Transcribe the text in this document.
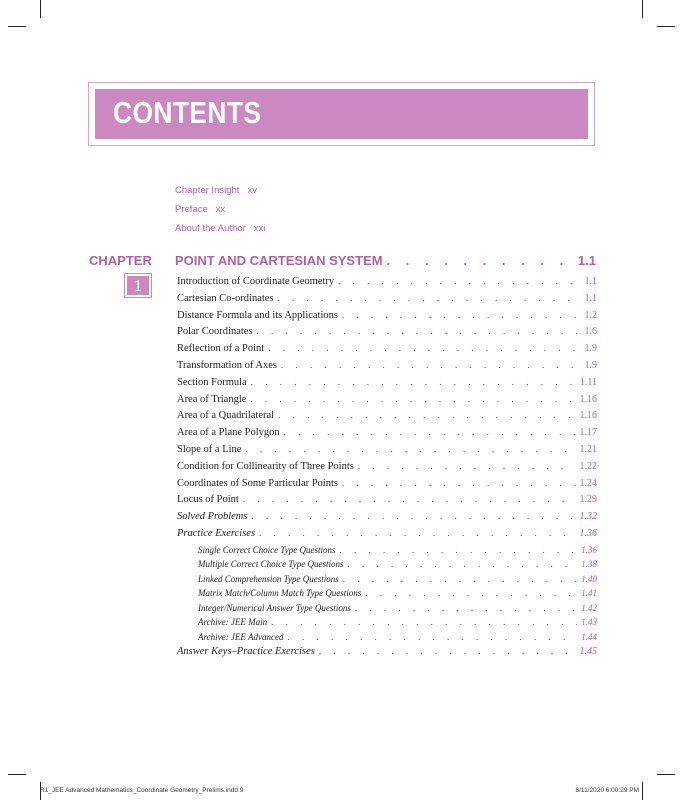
CONTENTS
Chapter Insight xv
Preface xx
About the Author xxi
CHAPTER
1
POINT AND CARTESIAN SYSTEM . . .	1.1
Introduction of Coordinate Geometry . . .	1.1
Cartesian Co-ordinates . . .	1.1
Distance Formula and its Applications . . .	1.2
Polar Coordinates . . .	1.6
Reflection of a Point . . .	1.9
Transformation of Axes . . .	1.9
Section Formula . . .	1.11
Area of Triangle . . .	1.16
Area of a Quadrilateral . . .	1.16
Area of a Plane Polygon . . .	1.17
Slope of a Line . . .	1.21
Condition for Collinearity of Three Points . . .	1.22
Coordinates of Some Particular Points . . .	1.24
Locus of Point . . .	1.29
Solved Problems . . .	1.32
Practice Exercises . . .	1.36
Single Correct Choice Type Questions . . .	1.36
Multiple Correct Choice Type Questions . . .	1.38
Linked Comprehension Type Questions . . .	1.40
Matrix Match/Column Match Type Questions . . .	1.41
Integer/Numerical Answer Type Questions . . .	1.42
Archive: JEE Main . . .	1.43
Archive: JEE Advanced . . .	1.44
Answer Keys–Practice Exercises . . .	1.45
R1_JEE Advanced Mathematics_Coordinate Geometry_Prelims.indd 9	8/11/2020 6:00:29 PM
